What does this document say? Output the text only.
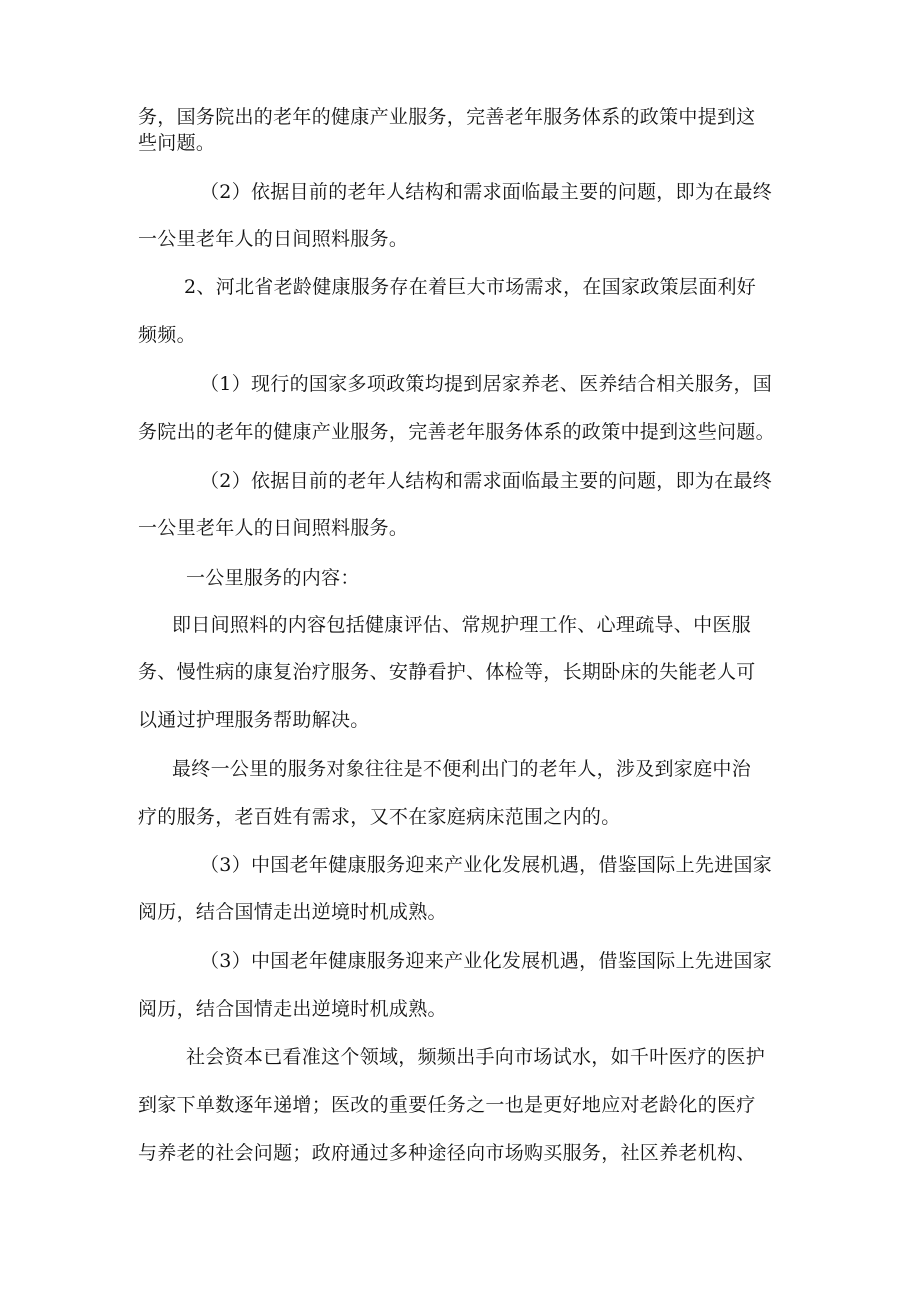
务，国务院出的老年的健康产业服务，完善老年服务体系的政策中提到这
些问题。
（2）依据目前的老年人结构和需求面临最主要的问题，即为在最终
一公里老年人的日间照料服务。
2、河北省老龄健康服务存在着巨大市场需求，在国家政策层面利好
频频。
（1）现行的国家多项政策均提到居家养老、医养结合相关服务，国
务院出的老年的健康产业服务，完善老年服务体系的政策中提到这些问题。
（2）依据目前的老年人结构和需求面临最主要的问题，即为在最终
一公里老年人的日间照料服务。
一公里服务的内容：
即日间照料的内容包括健康评估、常规护理工作、心理疏导、中医服
务、慢性病的康复治疗服务、安静看护、体检等，长期卧床的失能老人可
以通过护理服务帮助解决。
最终一公里的服务对象往往是不便利出门的老年人，涉及到家庭中治
疗的服务，老百姓有需求，又不在家庭病床范围之内的。
（3）中国老年健康服务迎来产业化发展机遇，借鉴国际上先进国家
阅历，结合国情走出逆境时机成熟。
（3）中国老年健康服务迎来产业化发展机遇，借鉴国际上先进国家
阅历，结合国情走出逆境时机成熟。
社会资本已看准这个领域，频频出手向市场试水，如千叶医疗的医护
到家下单数逐年递增；医改的重要任务之一也是更好地应对老龄化的医疗
与养老的社会问题；政府通过多种途径向市场购买服务，社区养老机构、
